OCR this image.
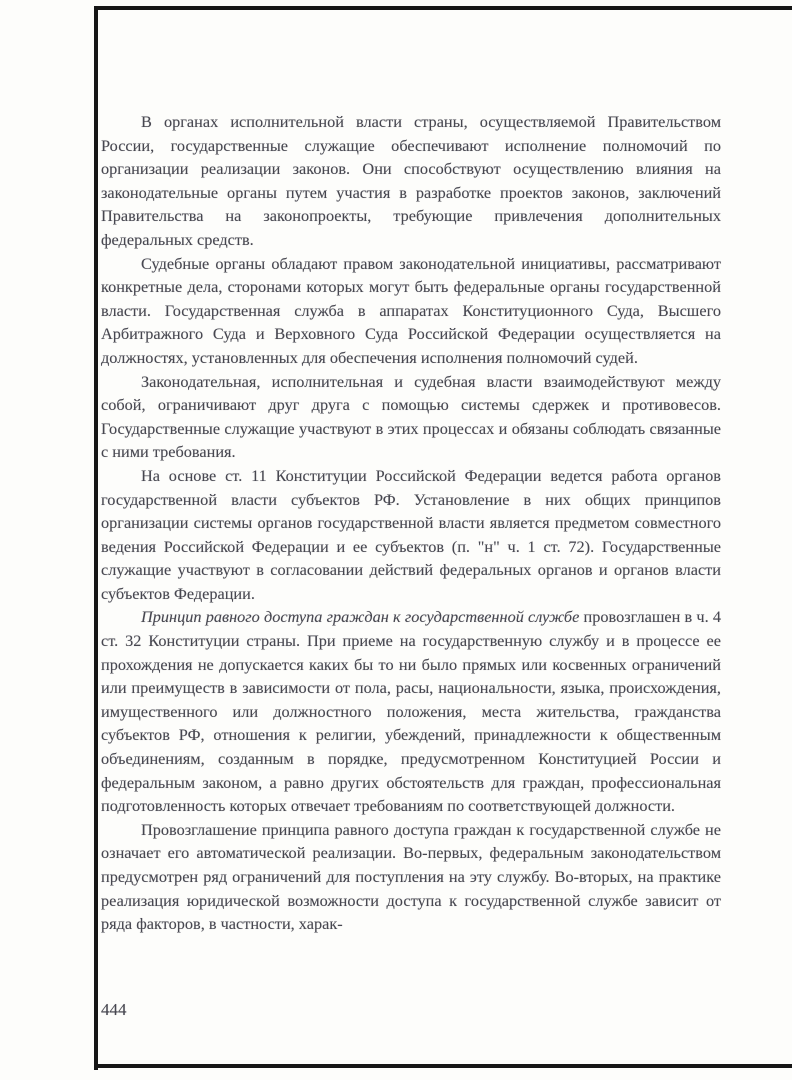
В органах исполнительной власти страны, осуществляемой Правительством России, государственные служащие обеспечивают исполнение полномочий по организации реализации законов. Они способствуют осуществлению влияния на законодательные органы путем участия в разработке проектов законов, заключений Правительства на законопроекты, требующие привлечения дополнительных федеральных средств.

Судебные органы обладают правом законодательной инициативы, рассматривают конкретные дела, сторонами которых могут быть федеральные органы государственной власти. Государственная служба в аппаратах Конституционного Суда, Высшего Арбитражного Суда и Верховного Суда Российской Федерации осуществляется на должностях, установленных для обеспечения исполнения полномочий судей.

Законодательная, исполнительная и судебная власти взаимодействуют между собой, ограничивают друг друга с помощью системы сдержек и противовесов. Государственные служащие участвуют в этих процессах и обязаны соблюдать связанные с ними требования.

На основе ст. 11 Конституции Российской Федерации ведется работа органов государственной власти субъектов РФ. Установление в них общих принципов организации системы органов государственной власти является предметом совместного ведения Российской Федерации и ее субъектов (п. "н" ч. 1 ст. 72). Государственные служащие участвуют в согласовании действий федеральных органов и органов власти субъектов Федерации.

Принцип равного доступа граждан к государственной службе провозглашен в ч. 4 ст. 32 Конституции страны. При приеме на государственную службу и в процессе ее прохождения не допускается каких бы то ни было прямых или косвенных ограничений или преимуществ в зависимости от пола, расы, национальности, языка, происхождения, имущественного или должностного положения, места жительства, гражданства субъектов РФ, отношения к религии, убеждений, принадлежности к общественным объединениям, созданным в порядке, предусмотренном Конституцией России и федеральным законом, а равно других обстоятельств для граждан, профессиональная подготовленность которых отвечает требованиям по соответствующей должности.

Провозглашение принципа равного доступа граждан к государственной службе не означает его автоматической реализации. Во-первых, федеральным законодательством предусмотрен ряд ограничений для поступления на эту службу. Во-вторых, на практике реализация юридической возможности доступа к государственной службе зависит от ряда факторов, в частности, харак-

444
